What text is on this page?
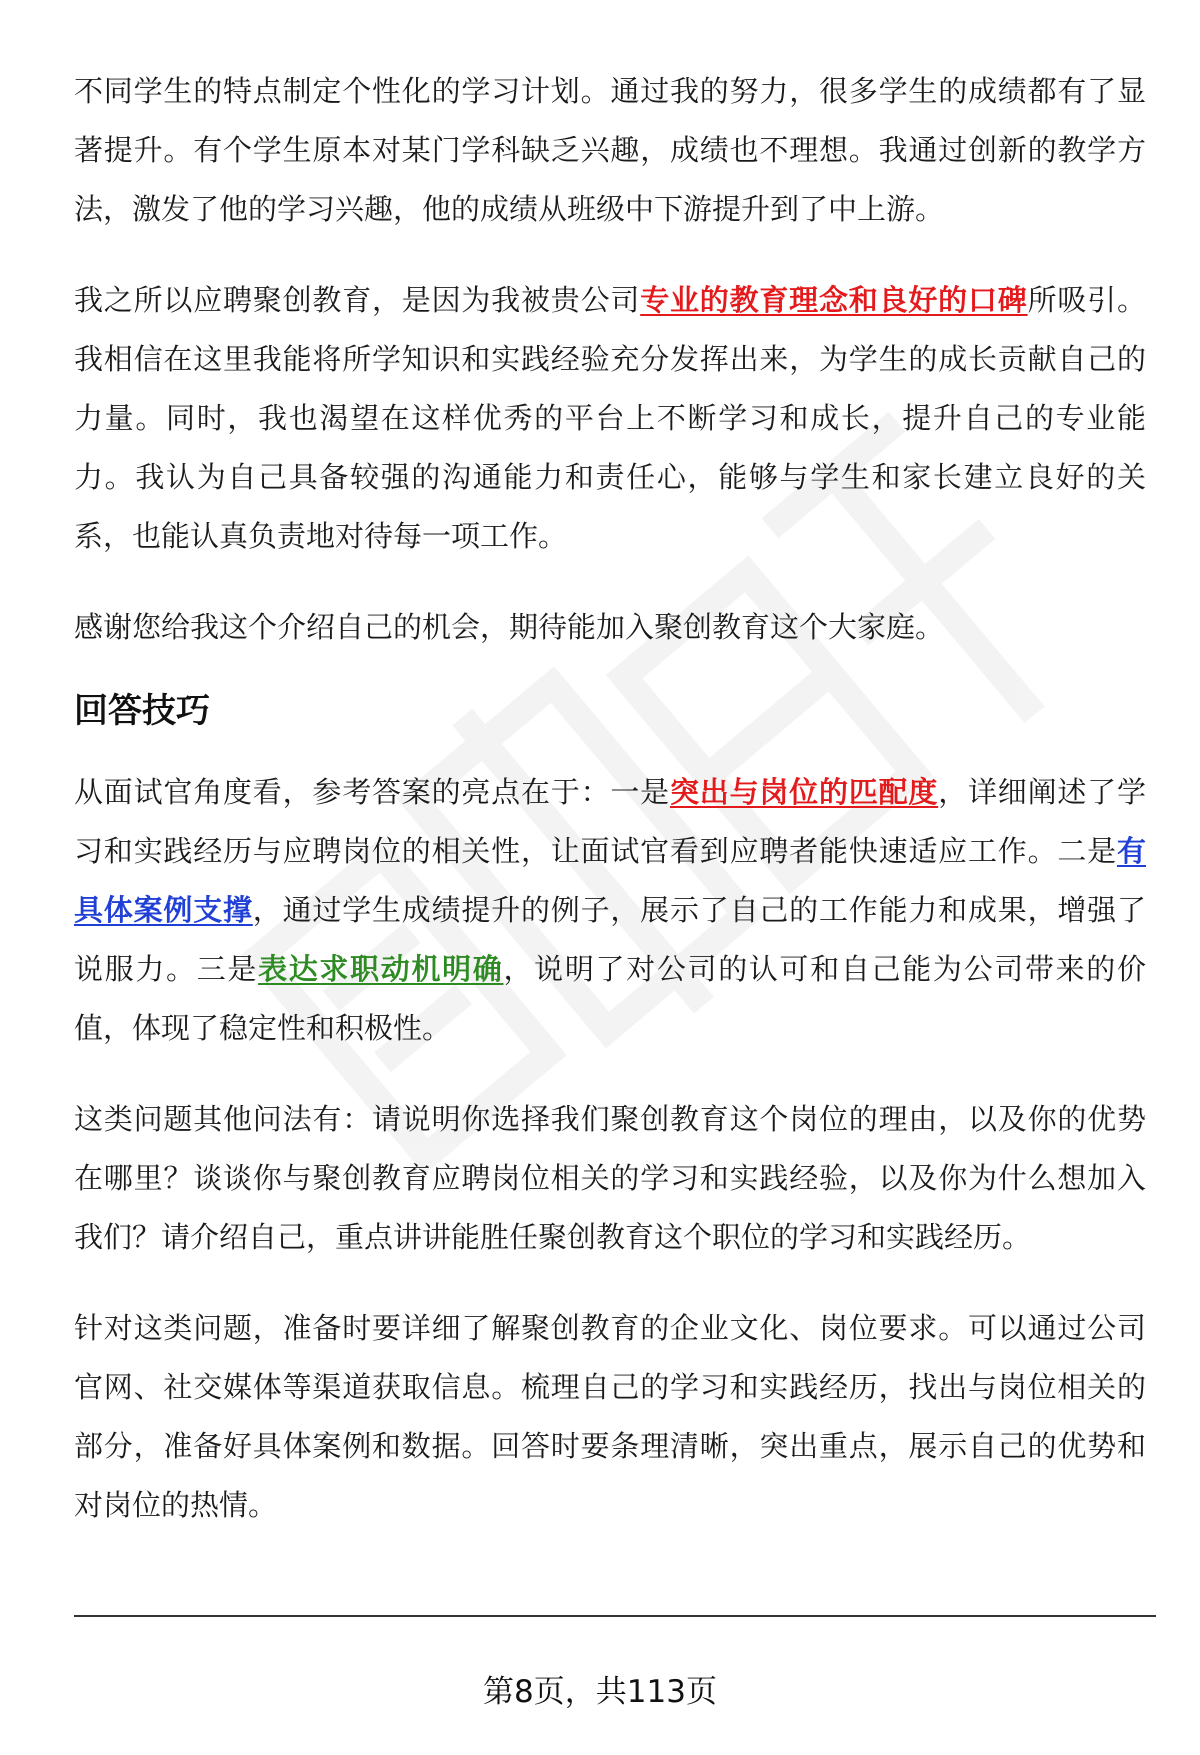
不同学生的特点制定个性化的学习计划。通过我的努力，很多学生的成绩都有了显著提升。有个学生原本对某门学科缺乏兴趣，成绩也不理想。我通过创新的教学方法，激发了他的学习兴趣，他的成绩从班级中下游提升到了中上游。

我之所以应聘聚创教育，是因为我被贵公司专业的教育理念和良好的口碑所吸引。我相信在这里我能将所学知识和实践经验充分发挥出来，为学生的成长贡献自己的力量。同时，我也渴望在这样优秀的平台上不断学习和成长，提升自己的专业能力。我认为自己具备较强的沟通能力和责任心，能够与学生和家长建立良好的关系，也能认真负责地对待每一项工作。

感谢您给我这个介绍自己的机会，期待能加入聚创教育这个大家庭。

回答技巧

从面试官角度看，参考答案的亮点在于：一是突出与岗位的匹配度，详细阐述了学习和实践经历与应聘岗位的相关性，让面试官看到应聘者能快速适应工作。二是有具体案例支撑，通过学生成绩提升的例子，展示了自己的工作能力和成果，增强了说服力。三是表达求职动机明确，说明了对公司的认可和自己能为公司带来的价值，体现了稳定性和积极性。

这类问题其他问法有：请说明你选择我们聚创教育这个岗位的理由，以及你的优势在哪里？谈谈你与聚创教育应聘岗位相关的学习和实践经验，以及你为什么想加入我们？请介绍自己，重点讲讲能胜任聚创教育这个职位的学习和实践经历。

针对这类问题，准备时要详细了解聚创教育的企业文化、岗位要求。可以通过公司官网、社交媒体等渠道获取信息。梳理自己的学习和实践经历，找出与岗位相关的部分，准备好具体案例和数据。回答时要条理清晰，突出重点，展示自己的优势和对岗位的热情。

第8页，共113页
